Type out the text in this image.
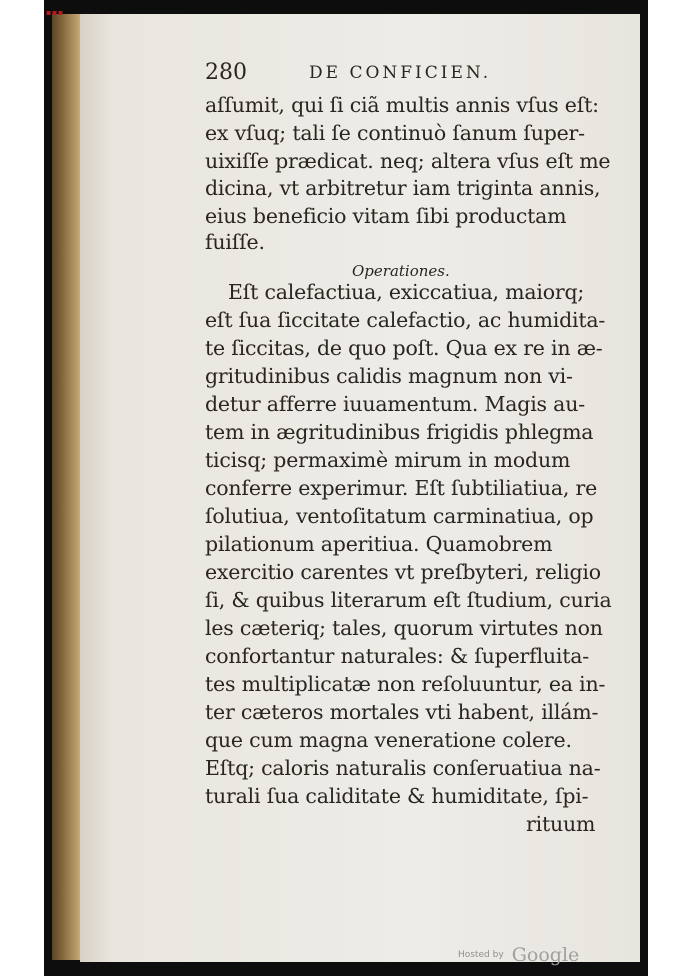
▪▪▪
280	DE CONFICIEN.
aſſumit, qui ſi ciã multis annis vſus eſt:
ex vſuq; tali ſe continuò ſanum ſuper-
uixiſſe prædicat. neq; altera vſus eſt me
dicina, vt arbitretur iam triginta annis,
eius beneficio vitam ſibi productam
fuiſſe.
Operationes.
Eſt calefactiua, exiccatiua, maiorq;
eſt ſua ſiccitate calefactio, ac humidita-
te ſiccitas, de quo poſt. Qua ex re in æ-
gritudinibus calidis magnum non vi-
detur afferre iuuamentum. Magis au-
tem in ægritudinibus frigidis phlegma
ticisq; permaximè mirum in modum
conferre experimur. Eſt ſubtiliatiua, re
ſolutiua, ventoſitatum carminatiua, op
pilationum aperitiua. Quamobrem
exercitio carentes vt preſbyteri, religio
ſi, & quibus literarum eſt ſtudium, curia
les cæteriq; tales, quorum virtutes non
confortantur naturales: & ſuperfluita-
tes multiplicatæ non reſoluuntur, ea in-
ter cæteros mortales vti habent, illám-
que cum magna veneratione colere.
Eſtq; caloris naturalis conſeruatiua na-
turali ſua caliditate & humiditate, ſpi-
rituum
Hosted by Google
